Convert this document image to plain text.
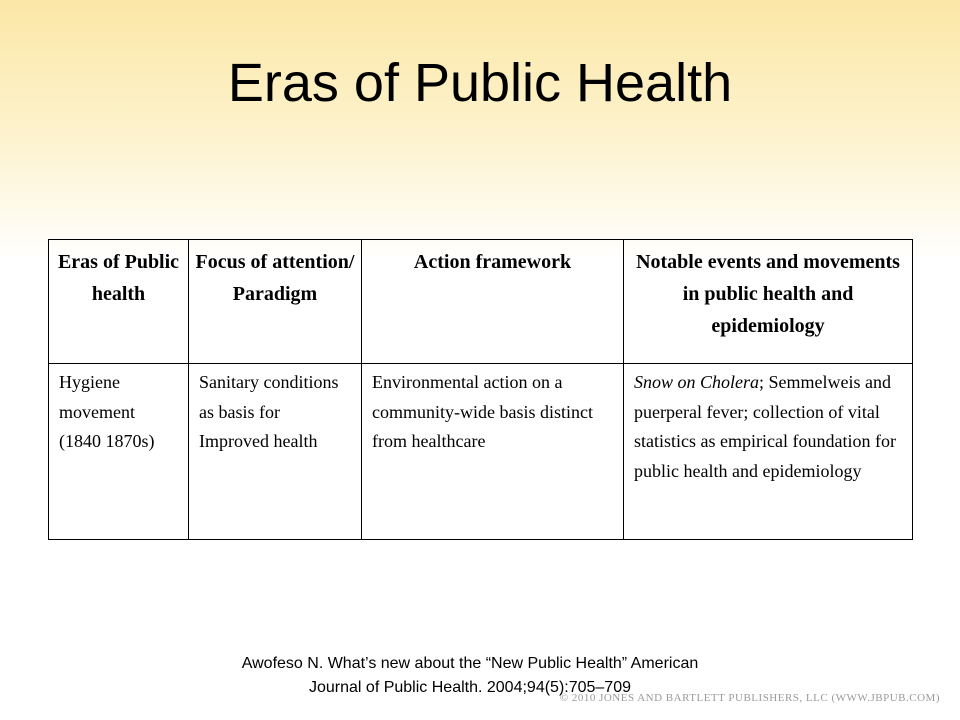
Eras of Public Health
Eras of Public health	Focus of attention/ Paradigm	Action framework	Notable events and movements in public health and epidemiology
Hygiene movement (1840 1870s)	Sanitary conditions as basis for Improved health	Environmental action on a community-wide basis distinct from healthcare	Snow on Cholera; Semmelweis and puerperal fever; collection of vital statistics as empirical foundation for public health and epidemiology
Awofeso N. What’s new about the “New Public Health” American
Journal of Public Health. 2004;94(5):705–709
© 2010 JONES AND BARTLETT PUBLISHERS, LLC (WWW.JBPUB.COM)
